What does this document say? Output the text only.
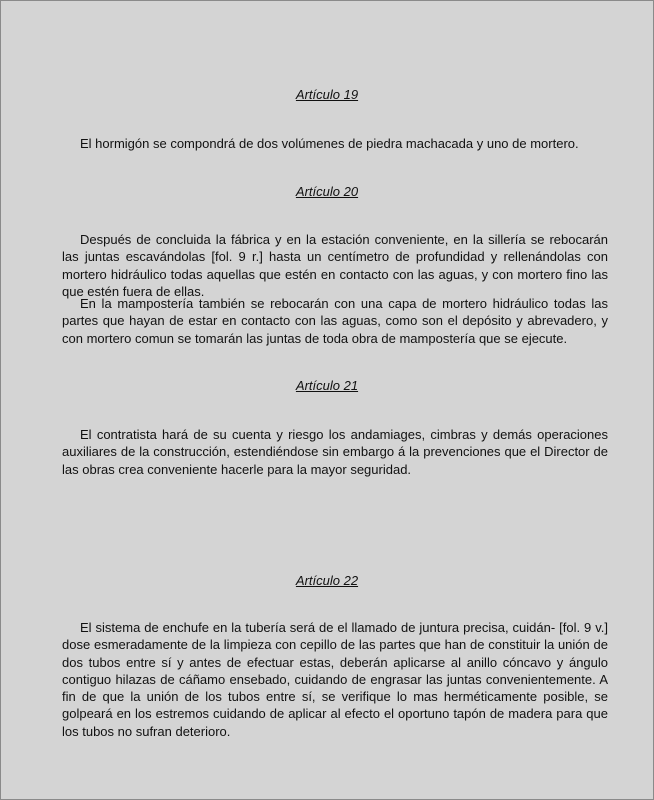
Artículo 19

El hormigón se compondrá de dos volúmenes de piedra machacada y uno de mortero.

Artículo 20

Después de concluida la fábrica y en la estación conveniente, en la sillería se rebocarán las juntas escavándolas [fol. 9 r.] hasta un centímetro de profundidad y rellenándolas con mortero hidráulico todas aquellas que estén en contacto con las aguas, y con mortero fino las que estén fuera de ellas.

En la mampostería también se rebocarán con una capa de mortero hidráulico todas las partes que hayan de estar en contacto con las aguas, como son el depósito y abrevadero, y con mortero comun se tomarán las juntas de toda obra de mampostería que se ejecute.

Artículo 21

El contratista hará de su cuenta y riesgo los andamiages, cimbras y demás operaciones auxiliares de la construcción, estendiéndose sin embargo á la prevenciones que el Director de las obras crea conveniente hacerle para la mayor seguridad.

Artículo 22

El sistema de enchufe en la tubería será de el llamado de juntura precisa, cuidán- [fol. 9 v.] dose esmeradamente de la limpieza con cepillo de las partes que han de constituir la unión de dos tubos entre sí y antes de efectuar estas, deberán aplicarse al anillo cóncavo y ángulo contiguo hilazas de cáñamo ensebado, cuidando de engrasar las juntas convenientemente. A fin de que la unión de los tubos entre sí, se verifique lo mas herméticamente posible, se golpeará en los estremos cuidando de aplicar al efecto el oportuno tapón de madera para que los tubos no sufran deterioro.
